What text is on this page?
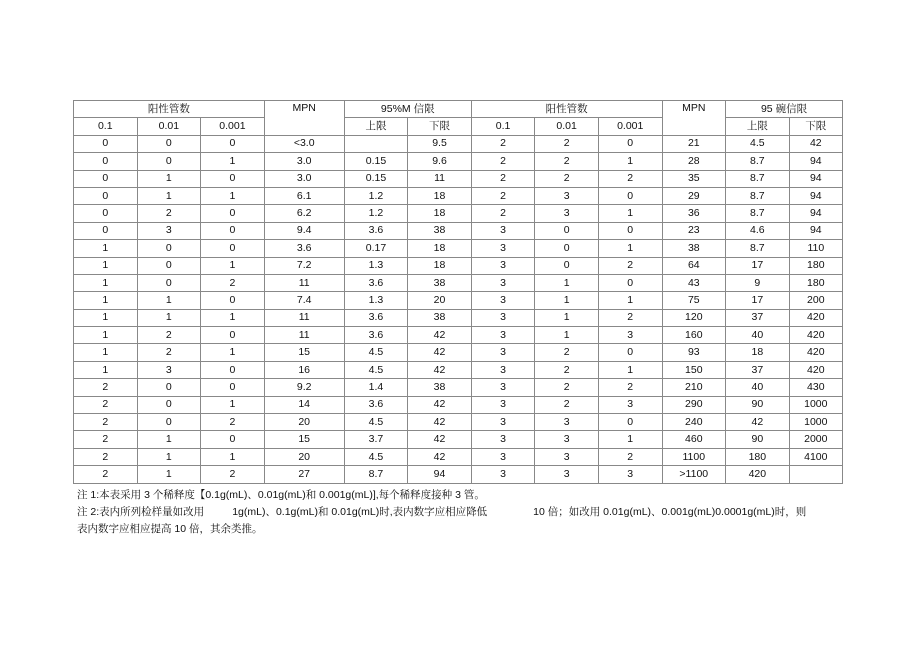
阳性管数			MPN	95%M 信限		阳性管数			MPN	95 碗信限	
0.1	0.01	0.001		上限	下限	0.1	0.01	0.001		上限	下限
0	0	0	<3.0		9.5	2	2	0	21	4.5	42
0	0	1	3.0	0.15	9.6	2	2	1	28	8.7	94
0	1	0	3.0	0.15	11	2	2	2	35	8.7	94
0	1	1	6.1	1.2	18	2	3	0	29	8.7	94
0	2	0	6.2	1.2	18	2	3	1	36	8.7	94
0	3	0	9.4	3.6	38	3	0	0	23	4.6	94
1	0	0	3.6	0.17	18	3	0	1	38	8.7	110
1	0	1	7.2	1.3	18	3	0	2	64	17	180
1	0	2	11	3.6	38	3	1	0	43	9	180
1	1	0	7.4	1.3	20	3	1	1	75	17	200
1	1	1	11	3.6	38	3	1	2	120	37	420
1	2	0	11	3.6	42	3	1	3	160	40	420
1	2	1	15	4.5	42	3	2	0	93	18	420
1	3	0	16	4.5	42	3	2	1	150	37	420
2	0	0	9.2	1.4	38	3	2	2	210	40	430
2	0	1	14	3.6	42	3	2	3	290	90	1000
2	0	2	20	4.5	42	3	3	0	240	42	1000
2	1	0	15	3.7	42	3	3	1	460	90	2000
2	1	1	20	4.5	42	3	3	2	1100	180	4100
2	1	2	27	8.7	94	3	3	3	>1100	420	

注 1:本表采用 3 个稀释度【0.1g(mL)、0.01g(mL)和 0.001g(mL)],每个稀释度接种 3 管。

注 2:表内所列检样量如改用	1g(mL)、0.1g(mL)和 0.01g(mL)时,表内数字应相应降低	10 倍；如改用 0.01g(mL)、0.001g(mL)0.0001g(mL)时，则

表内数字应相应提高 10 倍，其余类推。
